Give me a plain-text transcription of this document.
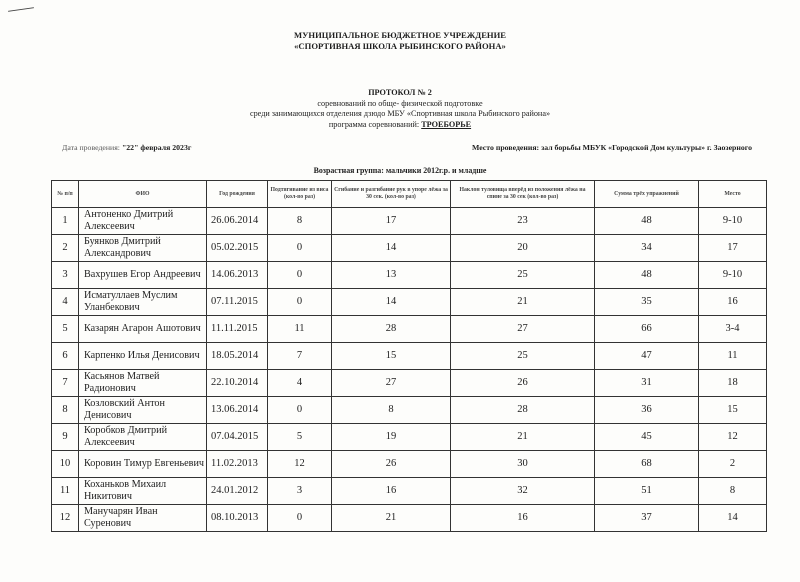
МУНИЦИПАЛЬНОЕ БЮДЖЕТНОЕ УЧРЕЖДЕНИЕ
«СПОРТИВНАЯ ШКОЛА РЫБИНСКОГО РАЙОНА»
ПРОТОКОЛ № 2
соревнований по обще- физической подготовке
среди занимающихся отделения дзюдо МБУ «Спортивная школа Рыбинского района»
программа соревнований: ТРОЕБОРЬЕ
Дата проведения: "22" февраля 2023г	Место проведения: зал борьбы МБУК «Городской Дом культуры» г. Заозерного
Возрастная группа: мальчики 2012г.р. и младше
№ п/п	ФИО	Год рождения	Подтягивание из виса (кол-во раз)	Сгибание и разгибание рук в упоре лёжа за 30 сек. (кол-во раз)	Наклон туловища вперёд из положения лёжа на спине за 30 сек (кол-во раз)	Сумма трёх упражнений	Место
1	Антоненко Дмитрий Алексеевич	26.06.2014	8	17	23	48	9-10
2	Буянков Дмитрий Александрович	05.02.2015	0	14	20	34	17
3	Вахрушев Егор Андреевич	14.06.2013	0	13	25	48	9-10
4	Исматуллаев Муслим Уланбекович	07.11.2015	0	14	21	35	16
5	Казарян Агарон Ашотович	11.11.2015	11	28	27	66	3-4
6	Карпенко Илья Денисович	18.05.2014	7	15	25	47	11
7	Касьянов Матвей Радионович	22.10.2014	4	27	26	31	18
8	Козловский Антон Денисович	13.06.2014	0	8	28	36	15
9	Коробков Дмитрий Алексеевич	07.04.2015	5	19	21	45	12
10	Коровин Тимур Евгеньевич	11.02.2013	12	26	30	68	2
11	Коханьков Михаил Никитович	24.01.2012	3	16	32	51	8
12	Манучарян Иван Суренович	08.10.2013	0	21	16	37	14
